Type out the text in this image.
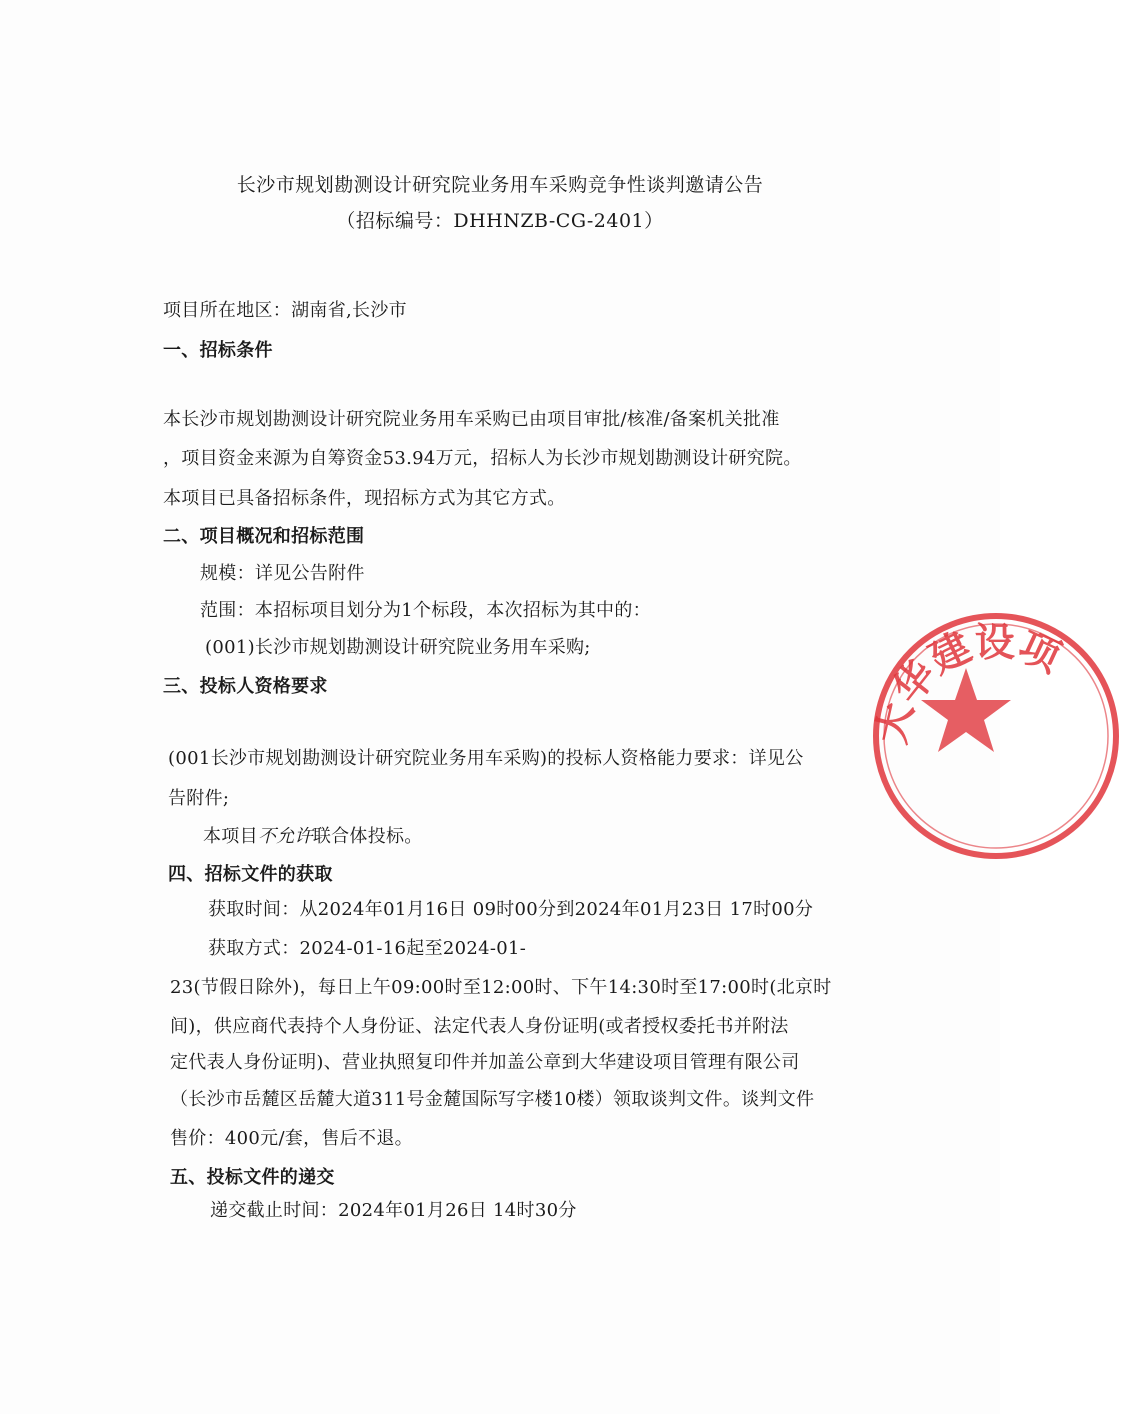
长沙市规划勘测设计研究院业务用车采购竞争性谈判邀请公告
（招标编号：DHHNZB-CG-2401）
项目所在地区：湖南省,长沙市
一、招标条件
本长沙市规划勘测设计研究院业务用车采购已由项目审批/核准/备案机关批准
，项目资金来源为自筹资金53.94万元，招标人为长沙市规划勘测设计研究院。
本项目已具备招标条件，现招标方式为其它方式。
二、项目概况和招标范围
规模：详见公告附件
范围：本招标项目划分为1个标段，本次招标为其中的：
(001)长沙市规划勘测设计研究院业务用车采购;
三、投标人资格要求
(001长沙市规划勘测设计研究院业务用车采购)的投标人资格能力要求：详见公
告附件;
本项目不允许联合体投标。
四、招标文件的获取
获取时间：从2024年01月16日 09时00分到2024年01月23日 17时00分
获取方式：2024-01-16起至2024-01-
23(节假日除外)，每日上午09:00时至12:00时、下午14:30时至17:00时(北京时
间)，供应商代表持个人身份证、法定代表人身份证明(或者授权委托书并附法
定代表人身份证明)、营业执照复印件并加盖公章到大华建设项目管理有限公司
（长沙市岳麓区岳麓大道311号金麓国际写字楼10楼）领取谈判文件。谈判文件
售价：400元/套，售后不退。
五、投标文件的递交
递交截止时间：2024年01月26日 14时30分
大华建设项
